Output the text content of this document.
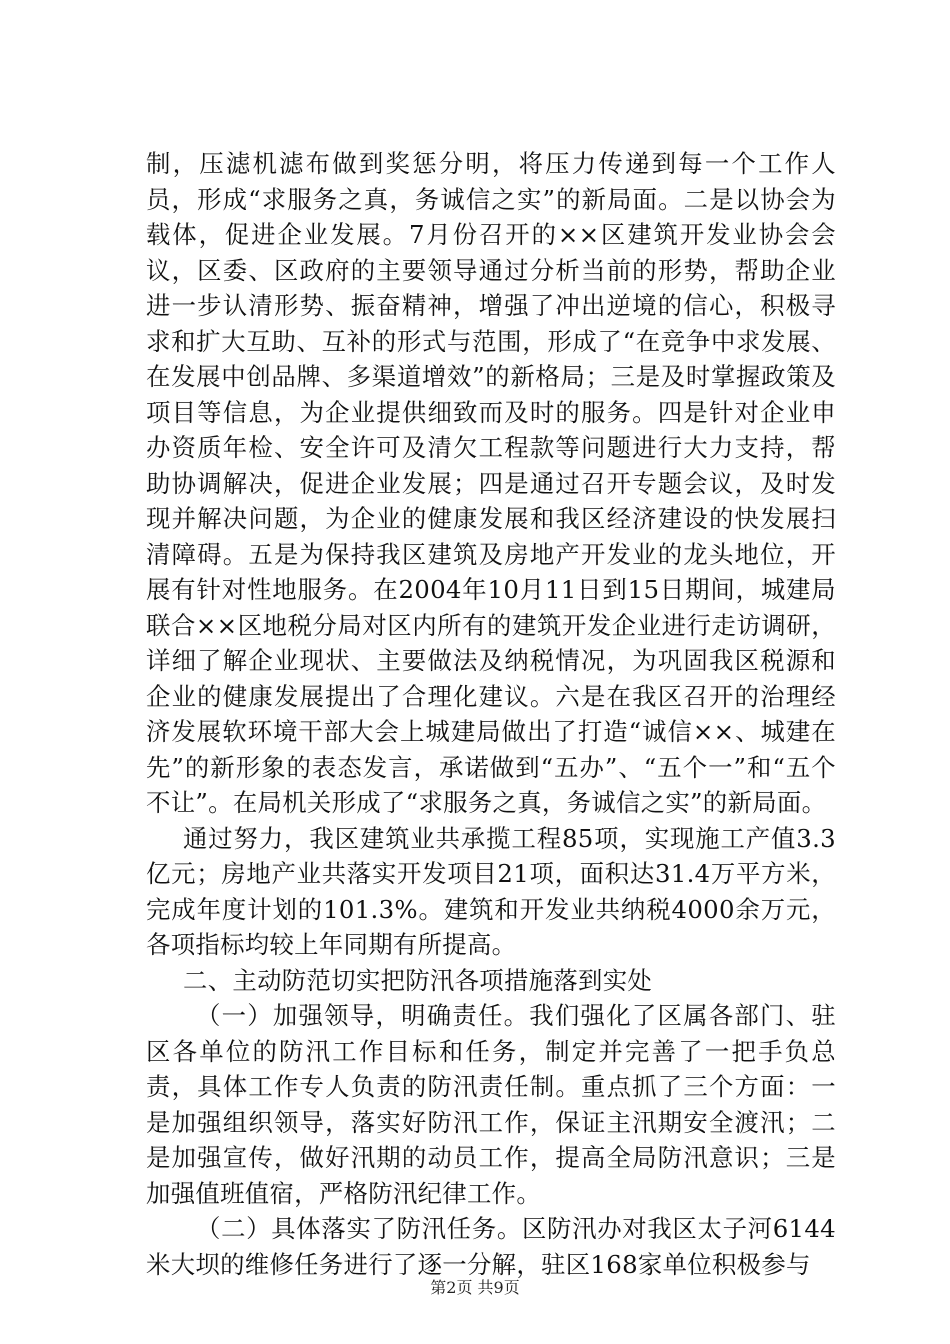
制，压滤机滤布做到奖惩分明，将压力传递到每一个工作人员，形成“求服务之真，务诚信之实”的新局面。二是以协会为载体，促进企业发展。7月份召开的××区建筑开发业协会会议，区委、区政府的主要领导通过分析当前的形势，帮助企业进一步认清形势、振奋精神，增强了冲出逆境的信心，积极寻求和扩大互助、互补的形式与范围，形成了“在竞争中求发展、在发展中创品牌、多渠道增效”的新格局；三是及时掌握政策及项目等信息，为企业提供细致而及时的服务。四是针对企业申办资质年检、安全许可及清欠工程款等问题进行大力支持，帮助协调解决，促进企业发展；四是通过召开专题会议，及时发现并解决问题，为企业的健康发展和我区经济建设的快发展扫清障碍。五是为保持我区建筑及房地产开发业的龙头地位，开展有针对性地服务。在2004年10月11日到15日期间，城建局联合××区地税分局对区内所有的建筑开发企业进行走访调研，详细了解企业现状、主要做法及纳税情况，为巩固我区税源和企业的健康发展提出了合理化建议。六是在我区召开的治理经济发展软环境干部大会上城建局做出了打造“诚信××、城建在先”的新形象的表态发言，承诺做到“五办”、“五个一”和“五个不让”。在局机关形成了“求服务之真，务诚信之实”的新局面。

通过努力，我区建筑业共承揽工程85项，实现施工产值3.3亿元；房地产业共落实开发项目21项，面积达31.4万平方米，完成年度计划的101.3%。建筑和开发业共纳税4000余万元，各项指标均较上年同期有所提高。

二、主动防范切实把防汛各项措施落到实处

（一）加强领导，明确责任。我们强化了区属各部门、驻区各单位的防汛工作目标和任务，制定并完善了一把手负总责，具体工作专人负责的防汛责任制。重点抓了三个方面：一是加强组织领导，落实好防汛工作，保证主汛期安全渡汛；二是加强宣传，做好汛期的动员工作，提高全局防汛意识；三是加强值班值宿，严格防汛纪律工作。

（二）具体落实了防汛任务。区防汛办对我区太子河6144米大坝的维修任务进行了逐一分解，驻区168家单位积极参与

第2页 共9页
